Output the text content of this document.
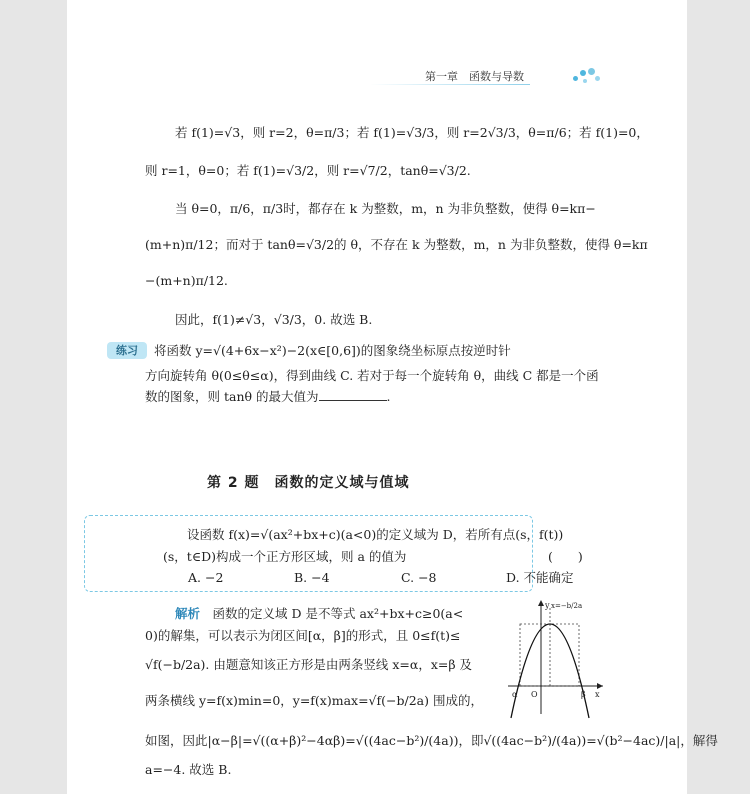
第一章　函数与导数
若 f(1)=√3，则 r=2，θ=π/3；若 f(1)=√3/3，则 r=2√3/3，θ=π/6；若 f(1)=0，
则 r=1，θ=0；若 f(1)=√3/2，则 r=√7/2，tanθ=√3/2.
当 θ=0，π/6，π/3时，都存在 k 为整数，m，n 为非负整数，使得 θ=kπ−
(m+n)π/12；而对于 tanθ=√3/2的 θ，不存在 k 为整数，m，n 为非负整数，使得 θ=kπ
−(m+n)π/12.
因此，f(1)≠√3，√3/3，0. 故选 B.
练习	将函数 y=√(4+6x−x²)−2(x∈[0,6])的图象绕坐标原点按逆时针
方向旋转角 θ(0≤θ≤α)，得到曲线 C. 若对于每一个旋转角 θ，曲线 C 都是一个函
数的图象，则 tanθ 的最大值为	.
第 2 题　函数的定义域与值域
设函数 f(x)=√(ax²+bx+c)(a<0)的定义域为 D，若所有点(s，f(t))
(s，t∈D)构成一个正方形区域，则 a 的值为	(　　)
A. −2	B. −4	C. −8	D. 不能确定
解析　 函数的定义域 D 是不等式 ax²+bx+c≥0(a<
0)的解集，可以表示为闭区间[α，β]的形式，且 0≤f(t)≤
√f(−b/2a). 由题意知该正方形是由两条竖线 x=α，x=β 及
两条横线 y=f(x)min=0，y=f(x)max=√f(−b/2a) 围成的，
如图，因此|α−β|=√((α+β)²−4αβ)=√((4ac−b²)/(4a))，即√((4ac−b²)/(4a))=√(b²−4ac)/|a|，解得
a=−4. 故选 B.
y
x
O
α	β
x=−b/2a
